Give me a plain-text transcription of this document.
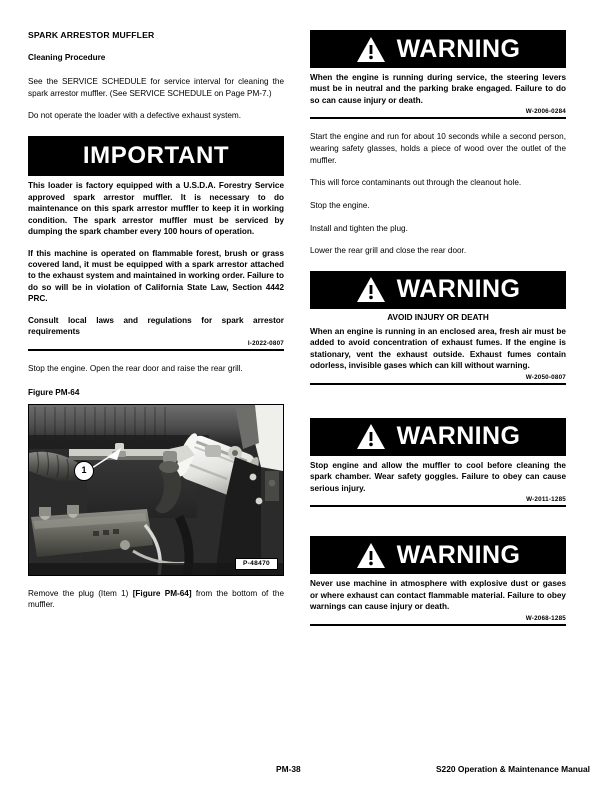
SPARK ARRESTOR MUFFLER
Cleaning Procedure

See the SERVICE SCHEDULE for service interval for cleaning the spark arrestor muffler. (See SERVICE SCHEDULE on Page PM-7.)

Do not operate the loader with a defective exhaust system.

IMPORTANT

This loader is factory equipped with a U.S.D.A. Forestry Service approved spark arrestor muffler. It is necessary to do maintenance on this spark arrestor muffler to keep it in working condition. The spark arrestor muffler must be serviced by dumping the spark chamber every 100 hours of operation.

If this machine is operated on flammable forest, brush or grass covered land, it must be equipped with a spark arrestor attached to the exhaust system and maintained in working order. Failure to do so will be in violation of California State Law, Section 4442 PRC.

Consult local laws and regulations for spark arrestor requirements

I-2022-0807

Stop the engine. Open the rear door and raise the rear grill.

Figure PM-64
1
P-48470

Remove the plug (Item 1) [Figure PM-64] from the bottom of the muffler.

WARNING

When the engine is running during service, the steering levers must be in neutral and the parking brake engaged. Failure to do so can cause injury or death.

W-2006-0284

Start the engine and run for about 10 seconds while a second person, wearing safety glasses, holds a piece of wood over the outlet of the muffler.

This will force contaminants out through the cleanout hole.

Stop the engine.

Install and tighten the plug.

Lower the rear grill and close the rear door.

WARNING

AVOID INJURY OR DEATH

When an engine is running in an enclosed area, fresh air must be added to avoid concentration of exhaust fumes. If the engine is stationary, vent the exhaust outside. Exhaust fumes contain odorless, invisible gases which can kill without warning.

W-2050-0807
WARNING

Stop engine and allow the muffler to cool before cleaning the spark chamber. Wear safety goggles. Failure to obey can cause serious injury.

W-2011-1285
WARNING

Never use machine in atmosphere with explosive dust or gases or where exhaust can contact flammable material. Failure to obey warnings can cause injury or death.

W-2068-1285
PM-38	S220 Operation & Maintenance Manual
